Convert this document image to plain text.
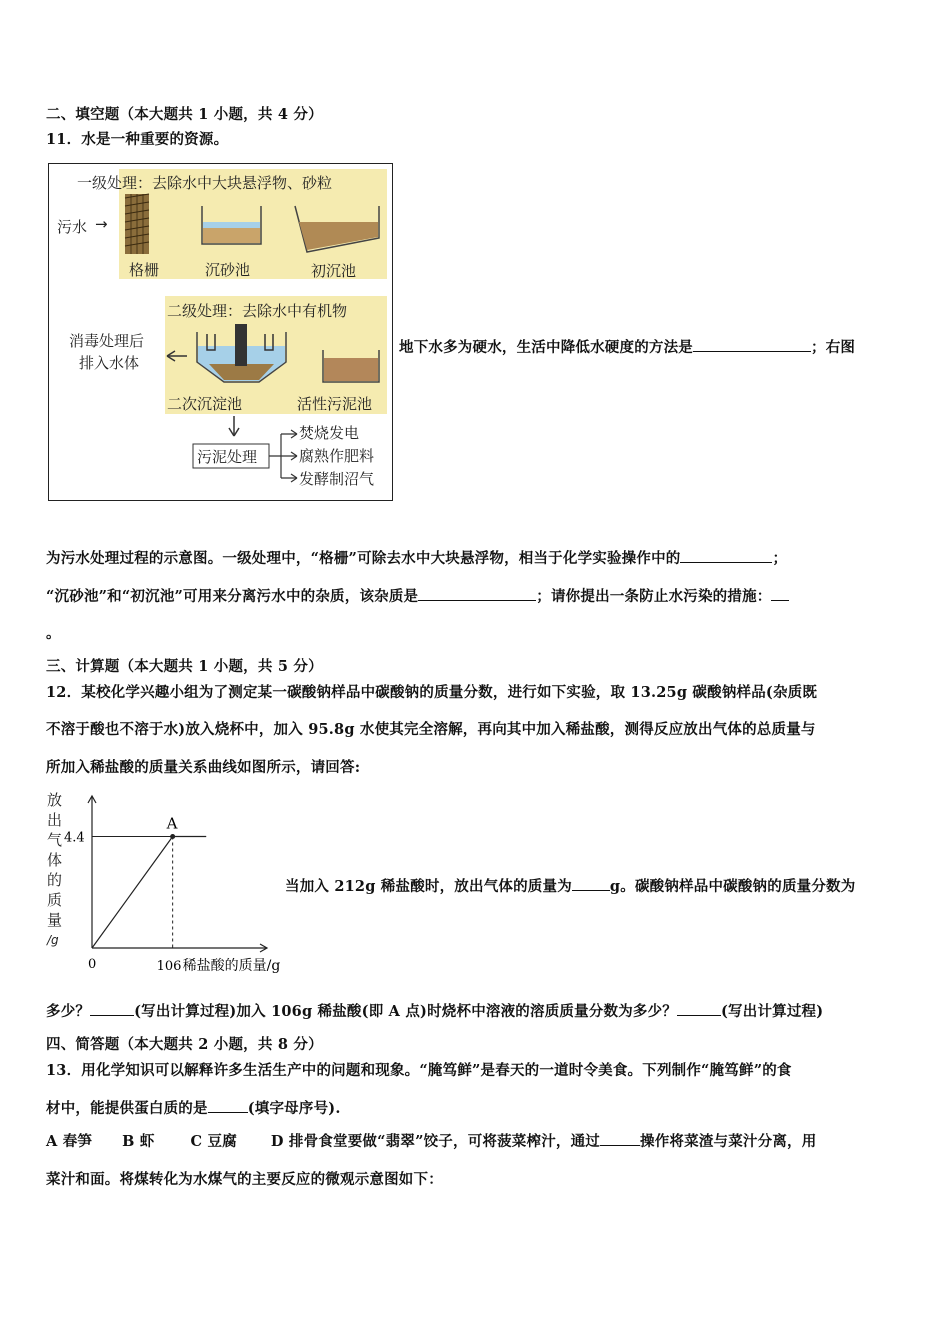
二、填空题（本大题共 1 小题，共 4 分）
11．水是一种重要的资源。
一级处理：去除水中大块悬浮物、砂粒
污水 →
格栅	沉砂池	初沉池
二级处理：去除水中有机物
消毒处理后
排入水体
二次沉淀池	活性污泥池
污泥处理
焚烧发电
腐熟作肥料
发酵制沼气
地下水多为硬水，生活中降低水硬度的方法是	；右图
为污水处理过程的示意图。一级处理中，“格栅”可除去水中大块悬浮物，相当于化学实验操作中的	；
“沉砂池”和“初沉池”可用来分离污水中的杂质，该杂质是	；请你提出一条防止水污染的措施：
。
三、计算题（本大题共 1 小题，共 5 分）
12．某校化学兴趣小组为了测定某一碳酸钠样品中碳酸钠的质量分数，进行如下实验，取 13.25g 碳酸钠样品(杂质既
不溶于酸也不溶于水)放入烧杯中，加入 95.8g 水使其完全溶解，再向其中加入稀盐酸，测得反应放出气体的总质量与
所加入稀盐酸的质量关系曲线如图所示，请回答:
放
出
气
体
的
质
量
/g
A
4.4
0	106 稀盐酸的质量/g
当加入 212g 稀盐酸时，放出气体的质量为	g。碳酸钠样品中碳酸钠的质量分数为
多少？	(写出计算过程)加入 106g 稀盐酸(即 A 点)时烧杯中溶液的溶质质量分数为多少？	(写出计算过程)
四、简答题（本大题共 2 小题，共 8 分）
13．用化学知识可以解释许多生活生产中的问题和现象。“腌笃鲜”是春天的一道时令美食。下列制作“腌笃鲜”的食
材中，能提供蛋白质的是	(填字母序号).
A 春笋 B 虾 C 豆腐 D 排骨食堂要做“翡翠”饺子，可将菠菜榨汁，通过	操作将菜渣与菜汁分离，用
菜汁和面。将煤转化为水煤气的主要反应的微观示意图如下：
